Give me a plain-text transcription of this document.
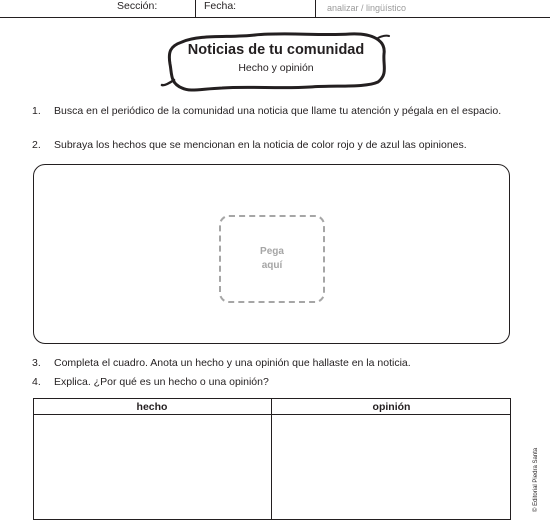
Sección:	Fecha:	analizar / lingüístico
Noticias de tu comunidad
Hecho y opinión
1. Busca en el periódico de la comunidad una noticia que llame tu atención y pégala en el espacio.
2. Subraya los hechos que se mencionan en la noticia de color rojo y de azul las opiniones.
Pega
aquí
3. Completa el cuadro. Anota un hecho y una opinión que hallaste en la noticia.
4. Explica. ¿Por qué es un hecho o una opinión?
hecho	opinión
© Editorial Piedra Santa
